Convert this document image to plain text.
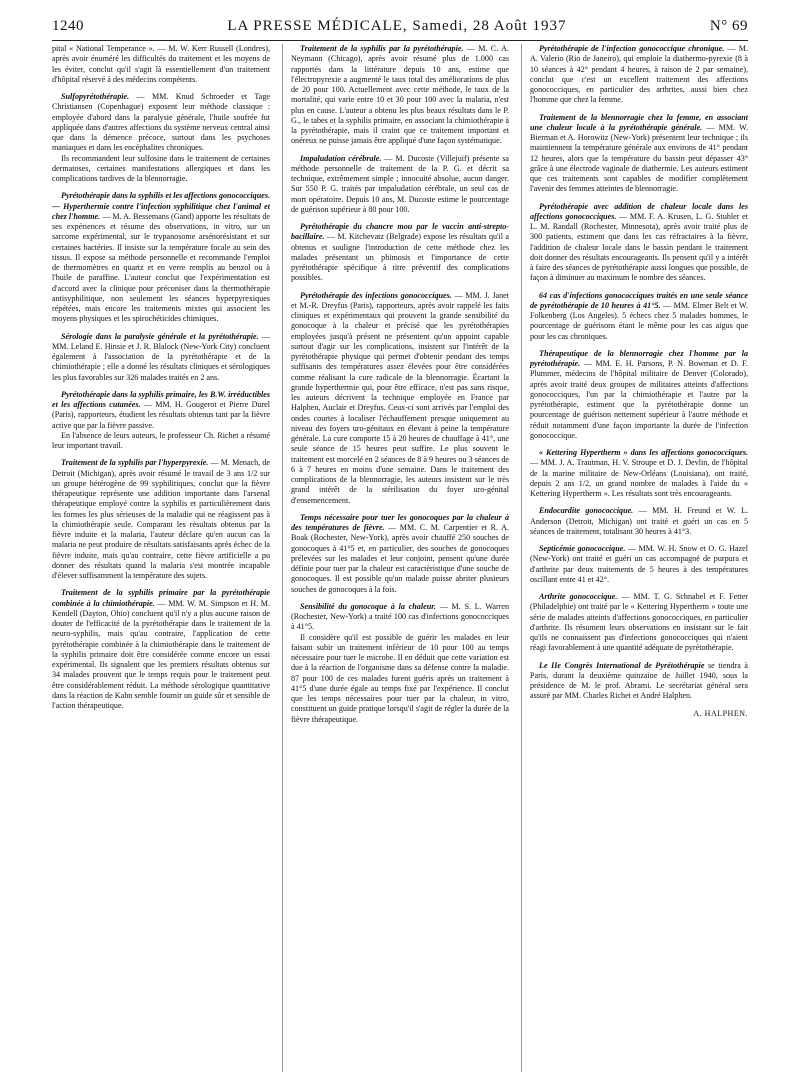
1240	LA PRESSE MÉDICALE, Samedi, 28 Août 1937	N° 69

pital « National Temperance ». — M. W. Kerr Russell (Londres), après avoir énuméré les difficultés du traitement et les moyens de les éviter, conclut qu'il s'agit là essentiellement d'un traitement d'hôpital réservé à des médecins compétents.

Sulfopyrétothérapie. — MM. Knud Schroeder et Tage Christiansen (Copenhague) exposent leur méthode classique : employée d'abord dans la paralysie générale, l'huile soufrée fut appliquée dans d'autres affections du système nerveux central ainsi que dans la démence précoce, surtout dans les psychoses maniaques et dans les encéphalites chroniques.

Ils recommandent leur sulfosine dans le traitement de certaines dermatoses, certaines manifestations allergiques et dans les complications tardives de la blennorragie.

Pyrétothérapie dans la syphilis et les affections gonococciques. — Hyperthermie contre l'infection syphilitique chez l'animal et chez l'homme. — M. A. Bessemans (Gand) apporte les résultats de ses expériences et résume des observations, in vitro, sur un sarcome expérimental, sur le trypanosome arsénorésistant et sur certaines bactéries. Il insiste sur la température focale au sein des tissus. Il expose sa méthode personnelle et recommande l'emploi de thermomètres en quartz et en verre remplis au benzol ou à l'huile de paraffine. L'auteur conclut que l'expérimentation est d'accord avec la clinique pour préconiser dans la thermothérapie antisyphilitique, non seulement les séances hyperpyrexiques répétées, mais encore les traitements mixtes qui associent les moyens physiques et les spirochéticides chimiques.

Sérologie dans la paralysie générale et la pyrétothérapie. — MM. Leland E. Hinsie et J. R. Blalock (New-York City) concluent également à l'association de la pyrétothérapie et de la chimiothérapie ; elle a donné les résultats cliniques et sérologiques les plus favorables sur 326 malades traités en 2 ans.

Pyrétothérapie dans la syphilis primaire, les B.W. irréductibles et les affections cutanées. — MM. H. Gougerot et Pierre Durel (Paris), rapporteurs, étudient les résultats obtenus tant par la fièvre active que par la fièvre passive.

En l'absence de leurs auteurs, le professeur Ch. Richet a résumé leur important travail.

Traitement de la syphilis par l'hyperpyrexie. — M. Menach, de Detroit (Michigan), après avoir résumé le travail de 3 ans 1/2 sur un groupe hétérogène de 99 syphilitiques, conclut que la fièvre thérapeutique représente une addition importante dans l'arsenal thérapeutique employé contre la syphilis et particulièrement dans les formes les plus sérieuses de la maladie qui ne réagissent pas à la chimiothérapie seule. Comparant les résultats obtenus par la fièvre induite et la malaria, l'auteur déclare qu'en aucun cas la malaria ne peut produire de résultats satisfaisants après échec de la fièvre induite, mais qu'au contraire, cette fièvre artificielle a pu donner des résultats quand la malaria s'est montrée incapable d'élever suffisamment la température des sujets.

Traitement de la syphilis primaire par la pyrétothérapie combinée à la chimiothérapie. — MM. W. M. Simpson et H. M. Kendell (Dayton, Ohio) concluent qu'il n'y a plus aucune raison de douter de l'efficacité de la pyrétothérapie dans le traitement de la neuro-syphilis, mais qu'au contraire, l'application de cette pyrétothérapie combinée à la chimiothérapie dans le traitement de la syphilis primaire doit être considérée comme encore un essai expérimental. Ils signalent que les premiers résultats obtenus sur 34 malades prouvent que le temps requis pour le traitement peut être considérablement réduit. La méthode sérologique quantitative dans la réaction de Kahn semble fournir un guide sûr et sensible de l'action thérapeutique.

Traitement de la syphilis par la pyrétothérapie. — M. C. A. Neymann (Chicago), après avoir résumé plus de 1.000 cas rapportés dans la littérature depuis 10 ans, estime que l'électropyrexie a augmenté le taux total des améliorations de plus de 20 pour 100. Actuellement avec cette méthode, le taux de la mortalité, qui varie entre 10 et 30 pour 100 avec la malaria, n'est plus en cause. L'auteur a obtenu les plus beaux résultats dans le P. G., le tabes et la syphilis primaire, en associant la chimiothérapie à la pyrétothérapie, mais il craint que ce traitement important et onéreux ne puisse jamais être appliqué d'une façon systématique.

Impaludation cérébrale. — M. Ducoste (Villejuif) présente sa méthode personnelle de traitement de la P. G. et décrit sa technique, extrêmement simple ; innocuité absolue, aucun danger. Sur 550 P. G. traités par impaludation cérébrale, un seul cas de mort opératoire. Depuis 10 ans, M. Ducoste estime le pourcentage de guérison supérieur à 80 pour 100.

Pyrétothérapie du chancre mou par le vaccin anti-strepto-bacillaire. — M. Kitchevatz (Belgrade) expose les résultats qu'il a obtenus et souligne l'introduction de cette méthode chez les malades présentant un phimosis et l'importance de cette pyrétothérapie spécifique à titre préventif des complications possibles.

Pyrétothérapie des infections gonococciques. — MM. J. Janet et M.-R. Dreyfus (Paris), rapporteurs, après avoir rappelé les faits cliniques et expérimentaux qui prouvent la grande sensibilité du gonocoque à la chaleur et précisé que les pyrétothérapies employées jusqu'à présent ne présentent qu'un appoint capable surtout d'agir sur les complications, insistent sur l'intérêt de la pyrétothérapie physique qui permet d'obtenir pendant des temps suffisants des températures assez élevées pour être considérées comme réalisant la cure radicale de la blennorragie. Écartant la grande hyperthermie qui, pour être efficace, n'est pas sans risque, les auteurs décrivent la technique employée en France par Halphen, Auclair et Dreyfus. Ceux-ci sont arrivés par l'emploi des ondes courtes à localiser l'échauffement presque uniquement au niveau des foyers uro-génitaux en élevant à peine la température générale. La cure comporte 15 à 20 heures de chauffage à 41°, une seule séance de 15 heures peut suffire. Le plus souvent le traitement est morcelé en 2 séances de 8 à 9 heures ou 3 séances de 6 à 7 heures en moins d'une semaine. Dans le traitement des complications de la blennorragie, les auteurs insistent sur le très grand intérêt de la stérilisation du foyer uro-génital d'ensemencement.

Temps nécessaire pour tuer les gonocoques par la chaleur à des températures de fièvre. — MM. C. M. Carpentier et R. A. Boak (Rochester, New-York), après avoir chauffé 250 souches de gonocoques à 41°5 et, en particulier, des souches de gonocoques prélevées sur les malades et leur conjoint, pensent qu'une durée définie pour tuer par la chaleur est caractéristique d'une souche de gonocoques. Il est possible qu'un malade puisse abriter plusieurs souches de gonocoques à la fois.

Sensibilité du gonocoque à la chaleur. — M. S. L. Warren (Rochester, New-York) a traité 100 cas d'infections gonococciques à 41°5.

Il considère qu'il est possible de guérir les malades en leur faisant subir un traitement inférieur de 10 pour 100 au temps nécessaire pour tuer le microbe. Il en déduit que cette variation est due à la réaction de l'organisme dans sa défense contre la maladie. 87 pour 100 de ces malades furent guéris après un traitement à 41°5 d'une durée égale au temps fixé par l'expérience. Il conclut que les temps nécessaires pour tuer par la chaleur, in vitro, constituent un guide pratique lorsqu'il s'agit de régler la durée de la fièvre thérapeutique.

Pyrétothérapie de l'infection gonococcique chronique. — M. A. Valerio (Rio de Janeiro), qui emploie la diathermo-pyrexie (8 à 10 séances à 42° pendant 4 heures, à raison de 2 par semaine), conclut que c'est un excellent traitement des affections gonococciques, en particulier des arthrites, aussi bien chez l'homme que chez la femme.

Traitement de la blennorragie chez la femme, en associant une chaleur locale à la pyrétothérapie générale. — MM. W. Bierman et A. Horowitz (New-York) présentent leur technique ; ils maintiennent la température générale aux environs de 41° pendant 12 heures, alors que la température du bassin peut dépasser 43° grâce à une électrode vaginale de diathermie. Les auteurs estiment que ces traitements sont capables de modifier complètement l'avenir des femmes atteintes de blennorragie.

Pyrétothérapie avec addition de chaleur locale dans les affections gonococciques. — MM. F. A. Krusen, L. G. Stuhler et L. M. Randall (Rochester, Minnesota), après avoir traité plus de 300 patients, estiment que dans les cas réfractaires à la fièvre, l'addition de chaleur locale dans le bassin pendant le traitement doit donner des résultats encourageants. Ils pensent qu'il y a intérêt à faire des séances de pyrétothérapie aussi longues que possible, de façon à diminuer au maximum le nombre des séances.

64 cas d'infections gonococciques traités en une seule séance de pyrétothérapie de 10 heures à 41°5. — MM. Elmer Belt et W. Folkenberg (Los Angeles). 5 échecs chez 5 malades hommes, le pourcentage de guérisons étant le même pour les cas aigus que pour les cas chroniques.

Thérapeutique de la blennorragie chez l'homme par la pyrétothérapie. — MM. E. H. Parsons, P. N. Bowman et D. F. Plummer, médecins de l'hôpital militaire de Denver (Colorado), après avoir traité deux groupes de militaires atteints d'affections gonococciques, l'un par la chimiothérapie et l'autre par la pyrétothérapie, estiment que la pyrétothérapie donne un pourcentage de guérison nettement supérieur à l'autre méthode et réduit notamment d'une façon importante la durée de l'infection gonococcique.

« Kettering Hypertherm » dans les affections gonococciques. — MM. J. A. Trautman, H. V. Stroupe et D. J. Devlin, de l'hôpital de la marine militaire de New-Orléans (Louisiana), ont traité, depuis 2 ans 1/2, un grand nombre de malades à l'aide du « Kettering Hypertherm ». Les résultats sont très encourageants.

Endocardite gonococcique. — MM. H. Freund et W. L. Anderson (Detroit, Michigan) ont traité et guéri un cas en 5 séances de traitement, totalisant 30 heures à 41°3.

Septicémie gonococcique. — MM. W. H. Snow et O. G. Hazel (New-York) ont traité et guéri un cas accompagné de purpura et d'arthrite par deux traitements de 5 heures à des températures oscillant entre 41 et 42°.

Arthrite gonococcique. — MM. T. G. Schnabel et F. Fetter (Philadelphie) ont traité par le « Kettering Hypertherm » toute une série de malades atteints d'affections gonococciques, en particulier d'arthrite. Ils résument leurs observations en insistant sur le fait qu'ils ne connaissent pas d'infections gonococciques qui n'aient réagi favorablement à une quantité adéquate de pyrétothérapie.

Le IIe Congrès International de Pyrétothérapie se tiendra à Paris, durant la deuxième quinzaine de Juillet 1940, sous la présidence de M. le prof. Abrami. Le secrétariat général sera assuré par MM. Charles Richet et André Halphen.

A. HALPHEN.
